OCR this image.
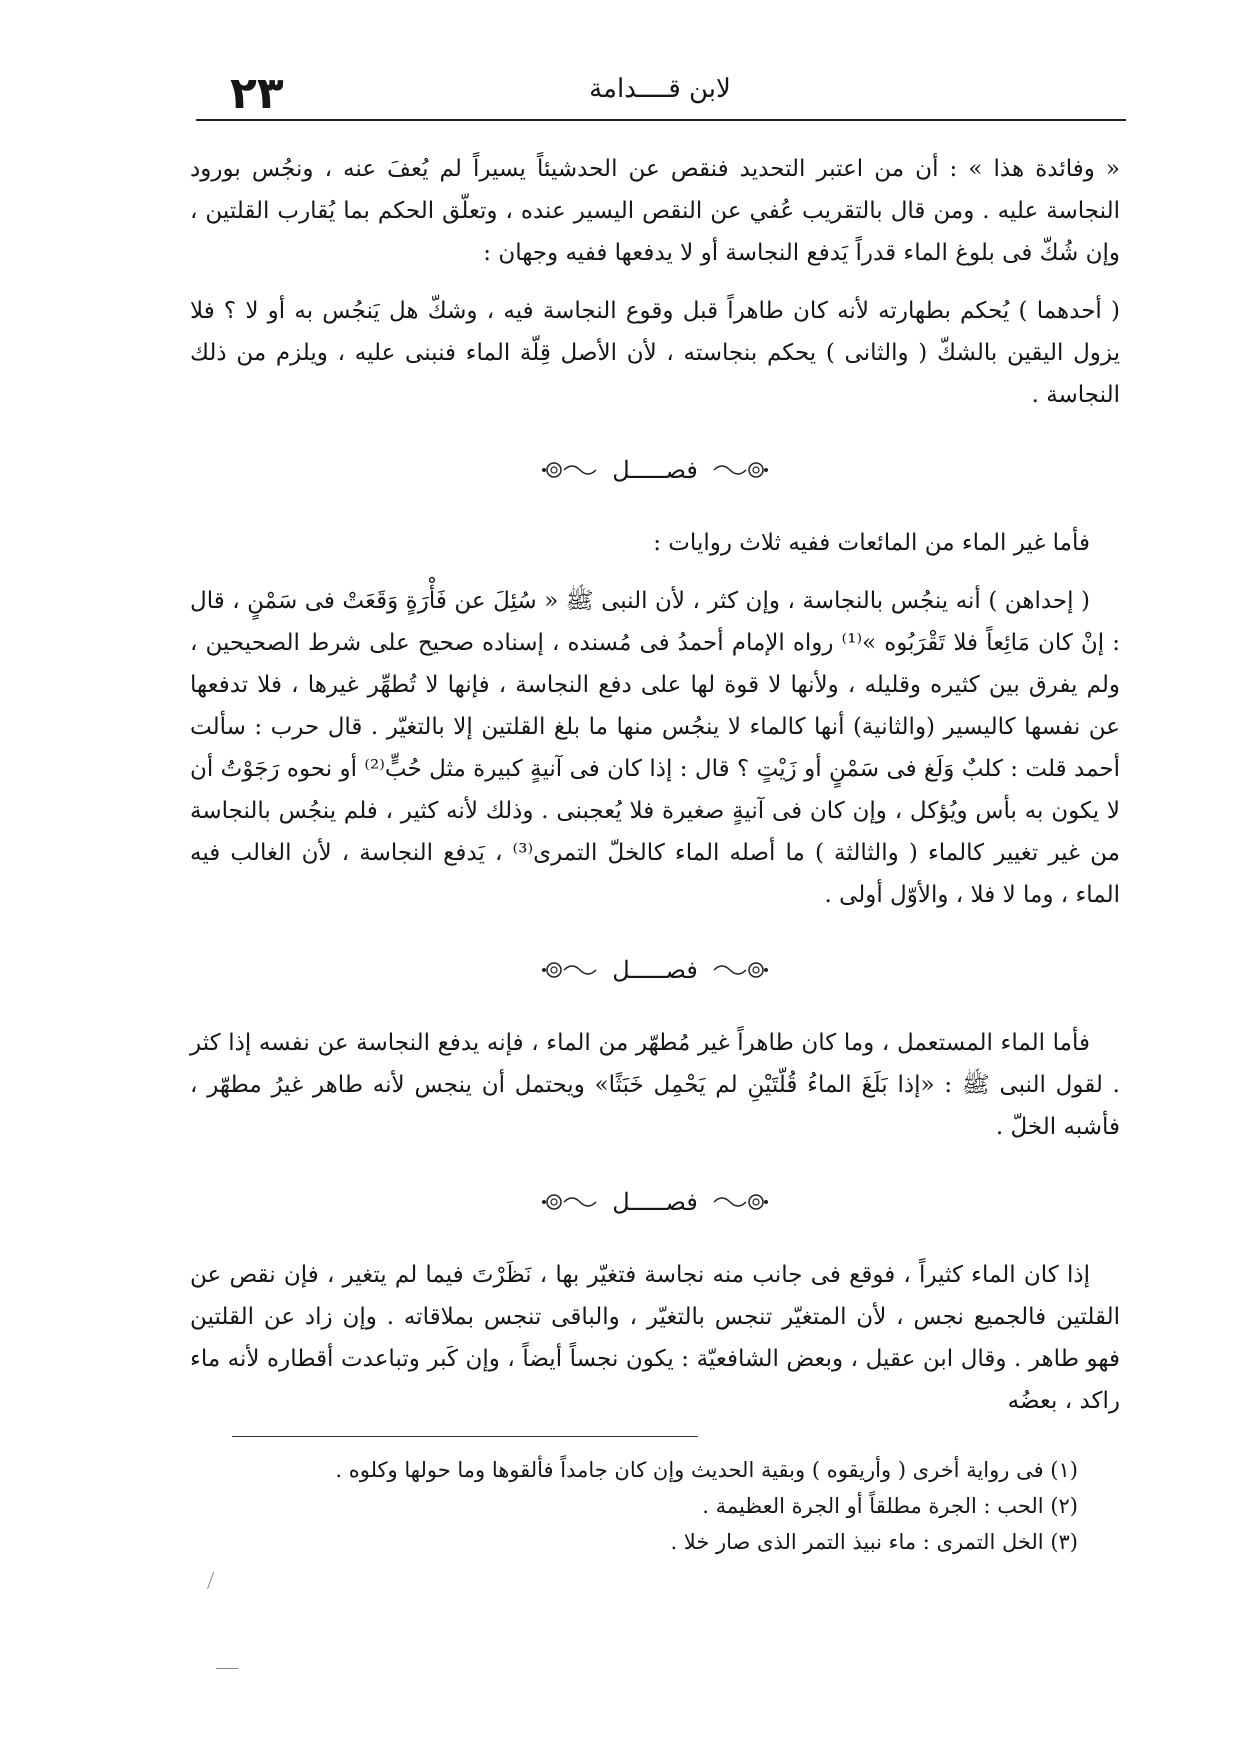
٢٣	لابن قــــدامة

« وفائدة هذا » : أن من اعتبر التحديد فنقص عن الحدشيئاً يسيراً لم يُعفَ عنه ، ونجُس بورود النجاسة عليه . ومن قال بالتقريب عُفي عن النقص اليسير عنده ، وتعلّق الحكم بما يُقارب القلتين ، وإن شُكّ فى بلوغ الماء قدراً يَدفع النجاسة أو لا يدفعها ففيه وجهان :

( أحدهما ) يُحكم بطهارته لأنه كان طاهراً قبل وقوع النجاسة فيه ، وشكّ هل يَنجُس به أو لا ؟ فلا يزول اليقين بالشكّ ( والثانى ) يحكم بنجاسته ، لأن الأصل قِلّة الماء فنبنى عليه ، ويلزم من ذلك النجاسة .

فصـــــل

فأما غير الماء من المائعات ففيه ثلاث روايات :

( إحداهن ) أنه ينجُس بالنجاسة ، وإن كثر ، لأن النبى ﷺ « سُئِلَ عن فَأْرَةٍ وَقَعَتْ فى سَمْنٍ ، قال : إنْ كان مَائِعاً فلا تَقْرَبُوه »⁽¹⁾ رواه الإمام أحمدُ فى مُسنده ، إسناده صحيح على شرط الصحيحين ، ولم يفرق بين كثيره وقليله ، ولأنها لا قوة لها على دفع النجاسة ، فإنها لا تُطهِّر غيرها ، فلا تدفعها عن نفسها كاليسير (والثانية) أنها كالماء لا ينجُس منها ما بلغ القلتين إلا بالتغيّر . قال حرب : سألت أحمد قلت : كلبٌ وَلَغ فى سَمْنٍ أو زَيْتٍ ؟ قال : إذا كان فى آنيةٍ كبيرة مثل حُبٍّ⁽²⁾ أو نحوه رَجَوْتُ أن لا يكون به بأس ويُؤكل ، وإن كان فى آنيةٍ صغيرة فلا يُعجبنى . وذلك لأنه كثير ، فلم ينجُس بالنجاسة من غير تغيير كالماء ( والثالثة ) ما أصله الماء كالخلّ التمرى⁽³⁾ ، يَدفع النجاسة ، لأن الغالب فيه الماء ، وما لا فلا ، والأوّل أولى .

فصـــــل

فأما الماء المستعمل ، وما كان طاهراً غير مُطهّر من الماء ، فإنه يدفع النجاسة عن نفسه إذا كثر . لقول النبى ﷺ : «إذا بَلَغَ الماءُ قُلّتَيْنِ لم يَحْمِل خَبَثًا» ويحتمل أن ينجس لأنه طاهر غيرُ مطهّر ، فأشبه الخلّ .

فصـــــل

إذا كان الماء كثيراً ، فوقع فى جانب منه نجاسة فتغيّر بها ، نَظَرْتَ فيما لم يتغير ، فإن نقص عن القلتين فالجميع نجس ، لأن المتغيّر تنجس بالتغيّر ، والباقى تنجس بملاقاته . وإن زاد عن القلتين فهو طاهر . وقال ابن عقيل ، وبعض الشافعيّة : يكون نجساً أيضاً ، وإن كَبر وتباعدت أقطاره لأنه ماء راكد ، بعضُه

(١) فى رواية أخرى ( وأريقوه ) وبقية الحديث وإن كان جامداً فألقوها وما حولها وكلوه .

(٢) الحب : الجرة مطلقاً أو الجرة العظيمة .

(٣) الخل التمرى : ماء نبيذ التمر الذى صار خلا .
